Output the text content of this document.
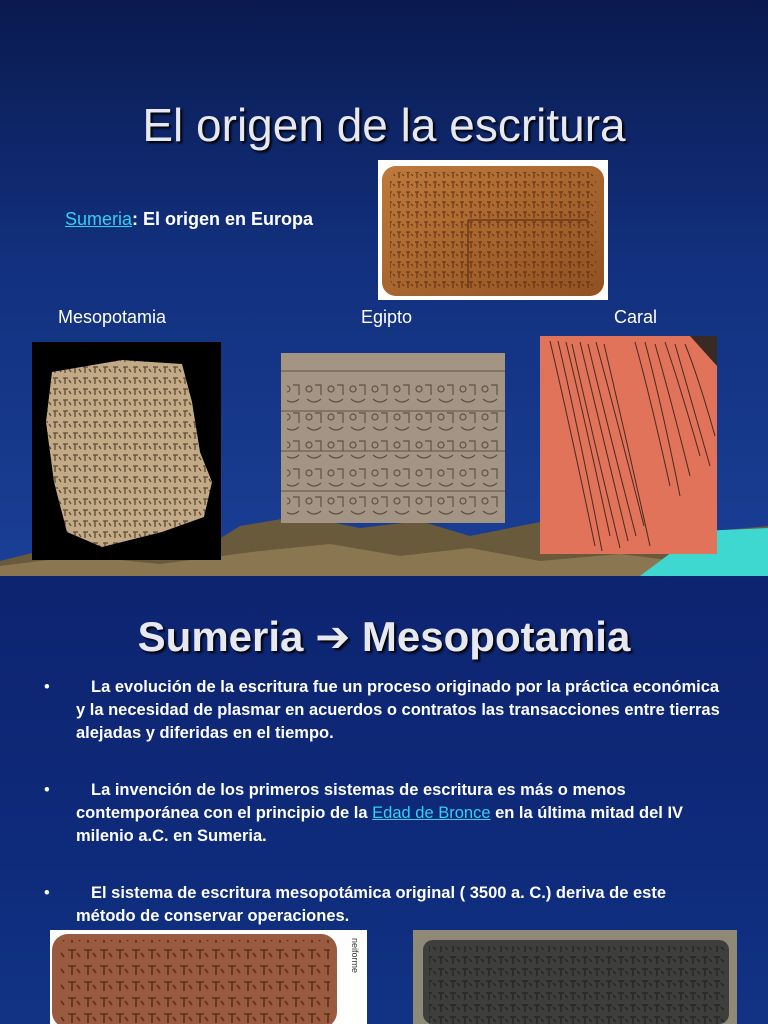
El origen de la escritura
Sumeria: El origen en Europa
Mesopotamia	Egipto	Caral
Sumeria ➔ Mesopotamia
• La evolución de la escritura fue un proceso originado por la práctica económica y la necesidad de plasmar en acuerdos o contratos las transacciones entre tierras alejadas y diferidas en el tiempo.
• La invención de los primeros sistemas de escritura es más o menos contemporánea con el principio de la Edad de Bronce en la última mitad del IV milenio a.C. en Sumeria.
• El sistema de escritura mesopotámica original ( 3500 a. C.) deriva de este método de conservar operaciones.
neiforme
